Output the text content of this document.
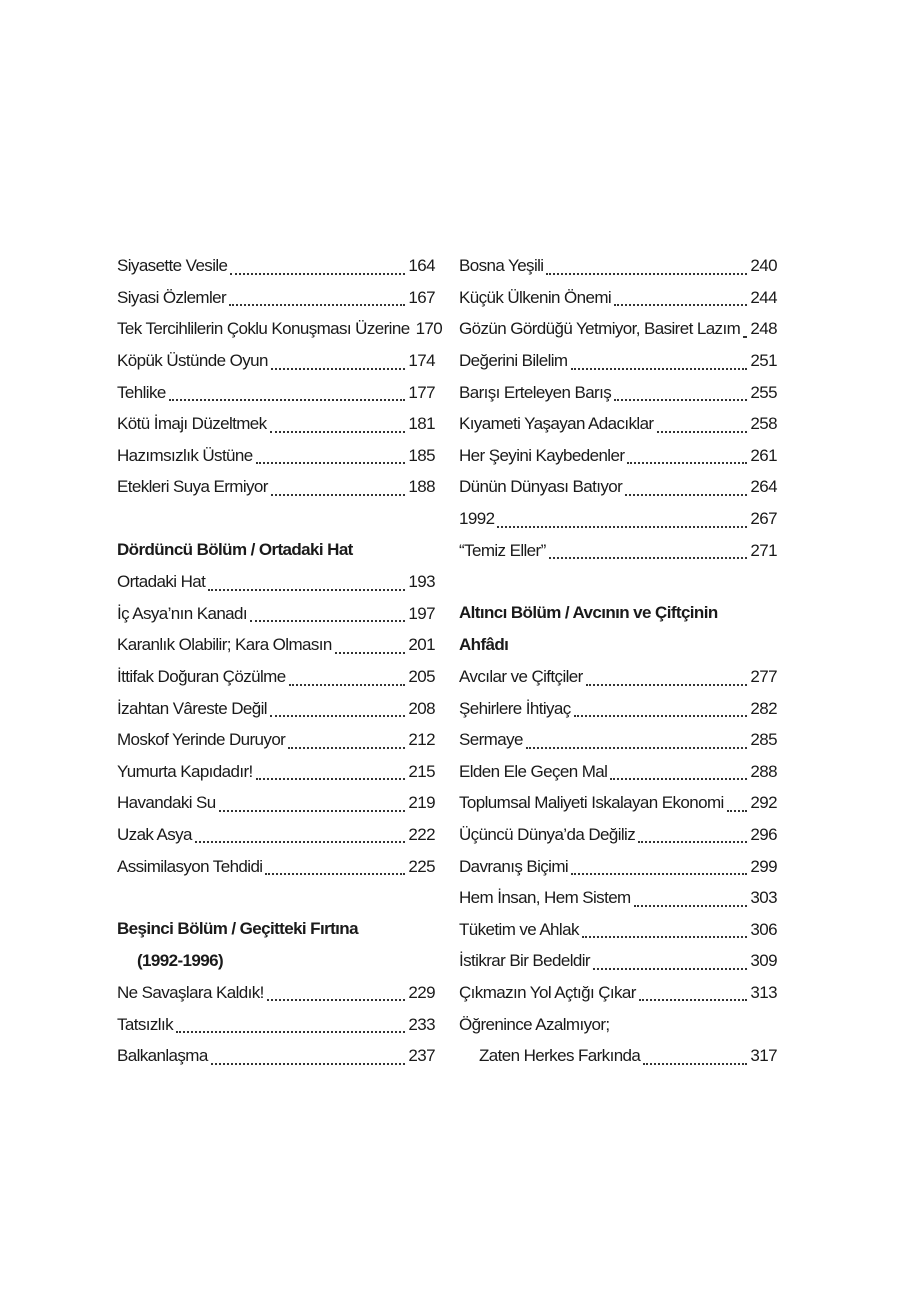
Siyasette Vesile	164
Siyasi Özlemler	167
Tek Tercihlilerin Çoklu Konuşması Üzerine 170
Köpük Üstünde Oyun	174
Tehlike	177
Kötü İmajı Düzeltmek	181
Hazımsızlık Üstüne	185
Etekleri Suya Ermiyor	188
Dördüncü Bölüm / Ortadaki Hat
Ortadaki Hat	193
İç Asya’nın Kanadı	197
Karanlık Olabilir; Kara Olmasın	201
İttifak Doğuran Çözülme	205
İzahtan Vâreste Değil	208
Moskof Yerinde Duruyor	212
Yumurta Kapıdadır!	215
Havandaki Su	219
Uzak Asya	222
Assimilasyon Tehdidi	225
Beşinci Bölüm / Geçitteki Fırtına
(1992-1996)
Ne Savaşlara Kaldık!	229
Tatsızlık	233
Balkanlaşma	237
Bosna Yeşili	240
Küçük Ülkenin Önemi	244
Gözün Gördüğü Yetmiyor, Basiret Lazım 248
Değerini Bilelim	251
Barışı Erteleyen Barış	255
Kıyameti Yaşayan Adacıklar	258
Her Şeyini Kaybedenler	261
Dünün Dünyası Batıyor	264
1992	267
“Temiz Eller”	271
Altıncı Bölüm / Avcının ve Çiftçinin
Ahfâdı
Avcılar ve Çiftçiler	277
Şehirlere İhtiyaç	282
Sermaye	285
Elden Ele Geçen Mal	288
Toplumsal Maliyeti Iskalayan Ekonomi 292
Üçüncü Dünya’da Değiliz	296
Davranış Biçimi	299
Hem İnsan, Hem Sistem	303
Tüketim ve Ahlak	306
İstikrar Bir Bedeldir	309
Çıkmazın Yol Açtığı Çıkar	313
Öğrenince Azalmıyor;
Zaten Herkes Farkında	317
